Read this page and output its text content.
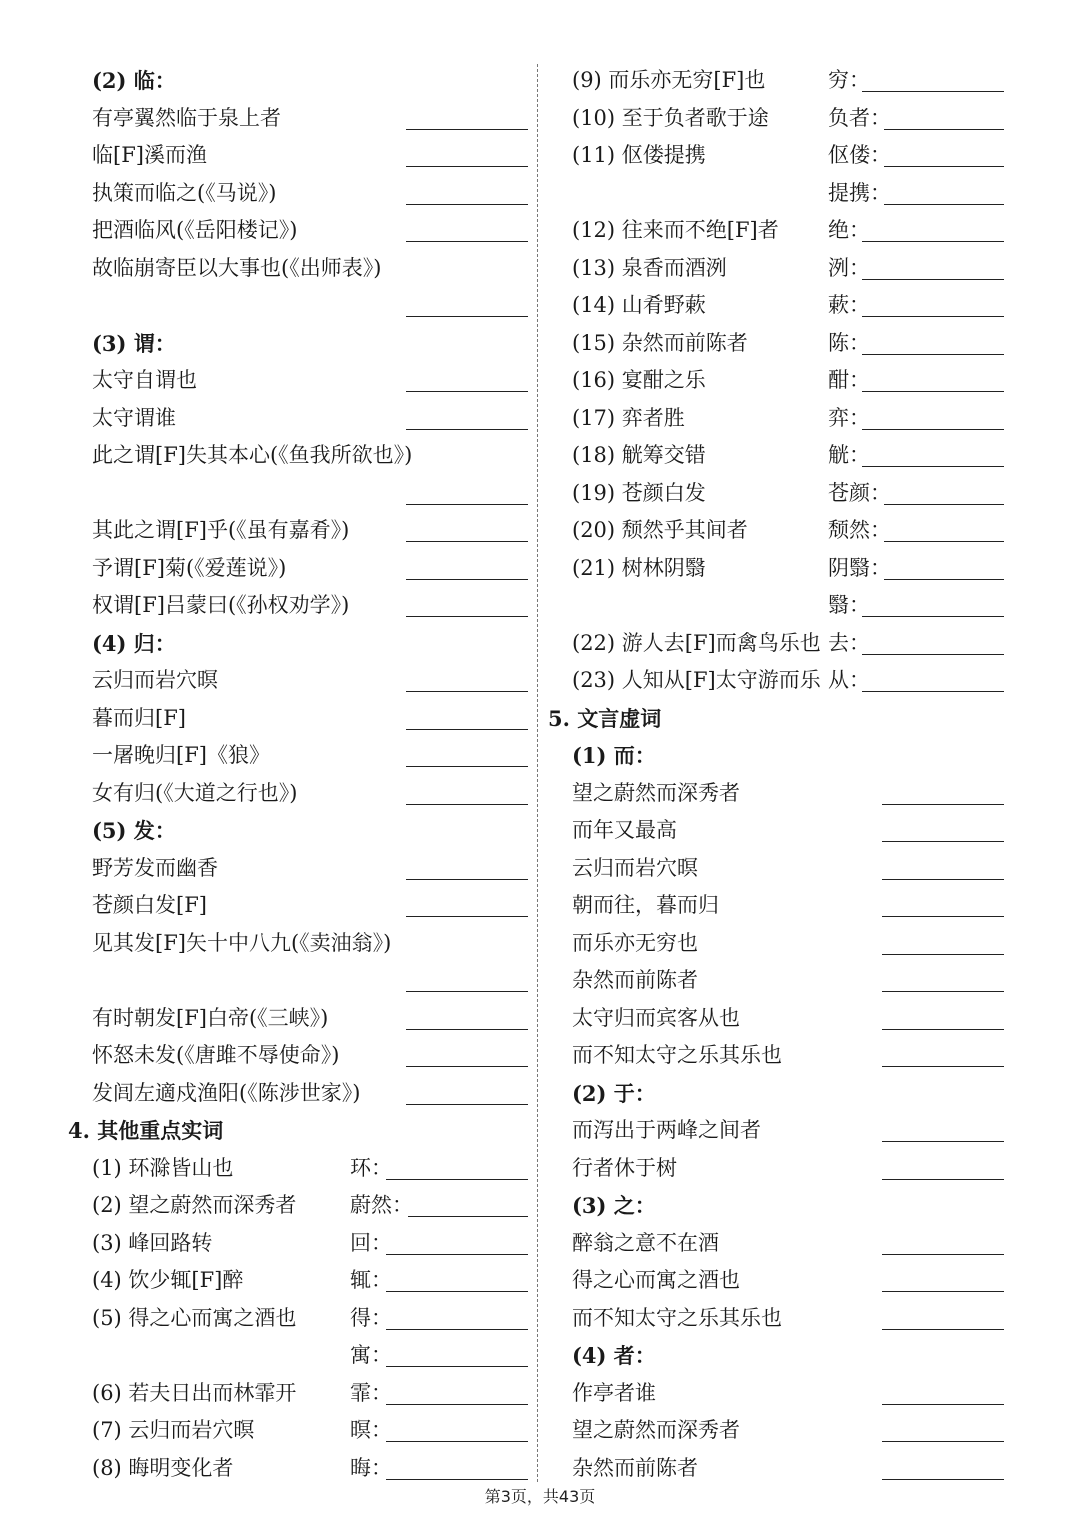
(2) 临：
有亭翼然临于泉上者
临[F]溪而渔
执策而临之(《马说》)
把酒临风(《岳阳楼记》)
故临崩寄臣以大事也(《出师表》)
(3) 谓：
太守自谓也
太守谓谁
此之谓[F]失其本心(《鱼我所欲也》)
其此之谓[F]乎(《虽有嘉肴》)
予谓[F]菊(《爱莲说》)
权谓[F]吕蒙曰(《孙权劝学》)
(4) 归：
云归而岩穴暝
暮而归[F]
一屠晚归[F]《狼》
女有归(《大道之行也》)
(5) 发：
野芳发而幽香
苍颜白发[F]
见其发[F]矢十中八九(《卖油翁》)
有时朝发[F]白帝(《三峡》)
怀怒未发(《唐雎不辱使命》)
发闾左適戍渔阳(《陈涉世家》)
4. 其他重点实词
(1) 环滁皆山也	环：
(2) 望之蔚然而深秀者	蔚然：
(3) 峰回路转	回：
(4) 饮少辄[F]醉	辄：
(5) 得之心而寓之酒也	得：
寓：
(6) 若夫日出而林霏开	霏：
(7) 云归而岩穴暝	暝：
(8) 晦明变化者	晦：
(9) 而乐亦无穷[F]也	穷：
(10) 至于负者歌于途	负者：
(11) 伛偻提携	伛偻：
提携：
(12) 往来而不绝[F]者 绝：
(13) 泉香而酒洌	洌：
(14) 山肴野蔌	蔌：
(15) 杂然而前陈者	陈：
(16) 宴酣之乐	酣：
(17) 弈者胜	弈：
(18) 觥筹交错	觥：
(19) 苍颜白发	苍颜：
(20) 颓然乎其间者	颓然：
(21) 树林阴翳	阴翳：
翳：
(22) 游人去[F]而禽鸟乐也 去：
(23) 人知从[F]太守游而乐 从：
5. 文言虚词
(1) 而：
望之蔚然而深秀者
而年又最高
云归而岩穴暝
朝而往，暮而归
而乐亦无穷也
杂然而前陈者
太守归而宾客从也
而不知太守之乐其乐也
(2) 于：
而泻出于两峰之间者
行者休于树
(3) 之：
醉翁之意不在酒
得之心而寓之酒也
而不知太守之乐其乐也
(4) 者：
作亭者谁
望之蔚然而深秀者
杂然而前陈者
第3页，共43页
